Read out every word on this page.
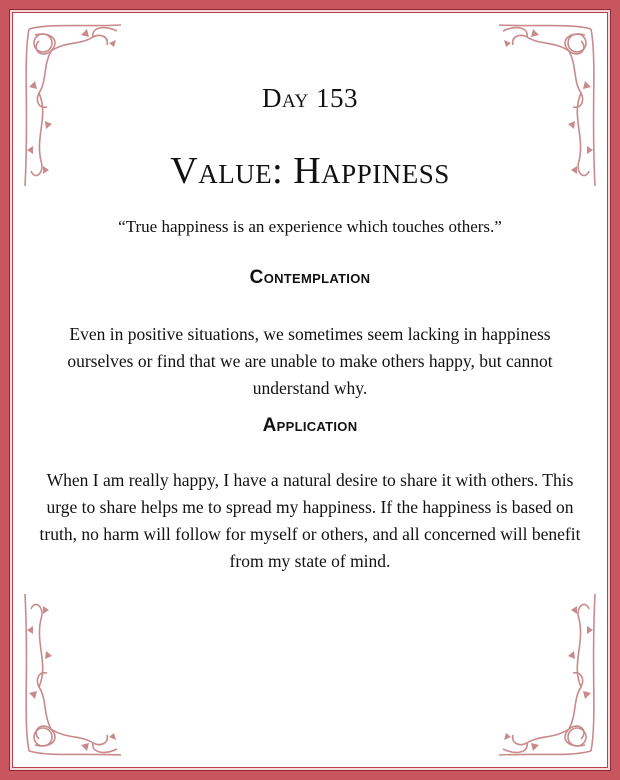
Day 153
Value: Happiness
“True happiness is an experience which touches others.”
Contemplation
Even in positive situations, we sometimes seem lacking in happiness ourselves or find that we are unable to make others happy, but cannot understand why.
Application
When I am really happy, I have a natural desire to share it with others. This urge to share helps me to spread my happiness. If the happiness is based on truth, no harm will follow for myself or others, and all concerned will benefit from my state of mind.
